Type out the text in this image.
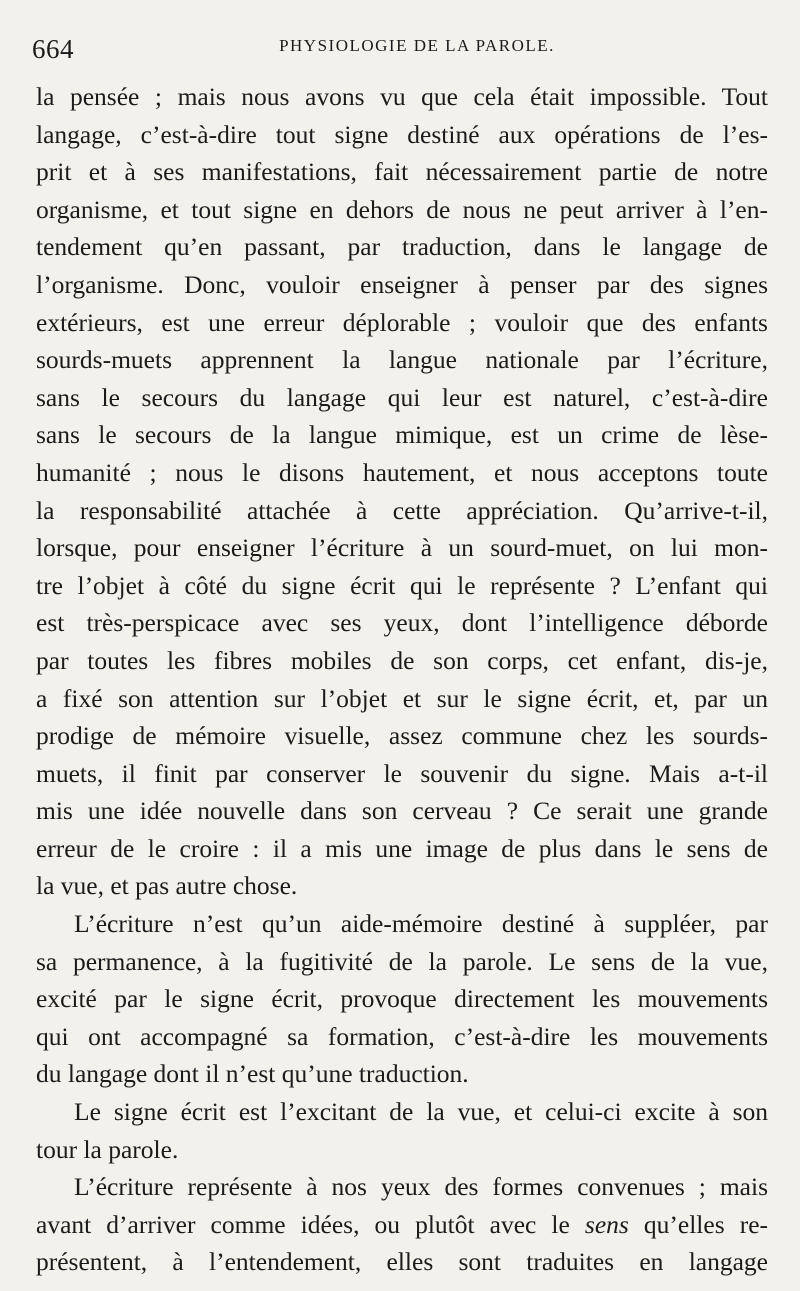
664	PHYSIOLOGIE DE LA PAROLE.
la pensée ; mais nous avons vu que cela était impossible. Tout
langage, c’est-à-dire tout signe destiné aux opérations de l’es-
prit et à ses manifestations, fait nécessairement partie de notre
organisme, et tout signe en dehors de nous ne peut arriver à l’en-
tendement qu’en passant, par traduction, dans le langage de
l’organisme. Donc, vouloir enseigner à penser par des signes
extérieurs, est une erreur déplorable ; vouloir que des enfants
sourds-muets apprennent la langue nationale par l’écriture,
sans le secours du langage qui leur est naturel, c’est-à-dire
sans le secours de la langue mimique, est un crime de lèse-
humanité ; nous le disons hautement, et nous acceptons toute
la responsabilité attachée à cette appréciation. Qu’arrive-t-il,
lorsque, pour enseigner l’écriture à un sourd-muet, on lui mon-
tre l’objet à côté du signe écrit qui le représente ? L’enfant qui
est très-perspicace avec ses yeux, dont l’intelligence déborde
par toutes les fibres mobiles de son corps, cet enfant, dis-je,
a fixé son attention sur l’objet et sur le signe écrit, et, par un
prodige de mémoire visuelle, assez commune chez les sourds-
muets, il finit par conserver le souvenir du signe. Mais a-t-il
mis une idée nouvelle dans son cerveau ? Ce serait une grande
erreur de le croire : il a mis une image de plus dans le sens de
la vue, et pas autre chose.
L’écriture n’est qu’un aide-mémoire destiné à suppléer, par
sa permanence, à la fugitivité de la parole. Le sens de la vue,
excité par le signe écrit, provoque directement les mouvements
qui ont accompagné sa formation, c’est-à-dire les mouvements
du langage dont il n’est qu’une traduction.
Le signe écrit est l’excitant de la vue, et celui-ci excite à son
tour la parole.
L’écriture représente à nos yeux des formes convenues ; mais
avant d’arriver comme idées, ou plutôt avec le sens qu’elles re-
présentent, à l’entendement, elles sont traduites en langage
